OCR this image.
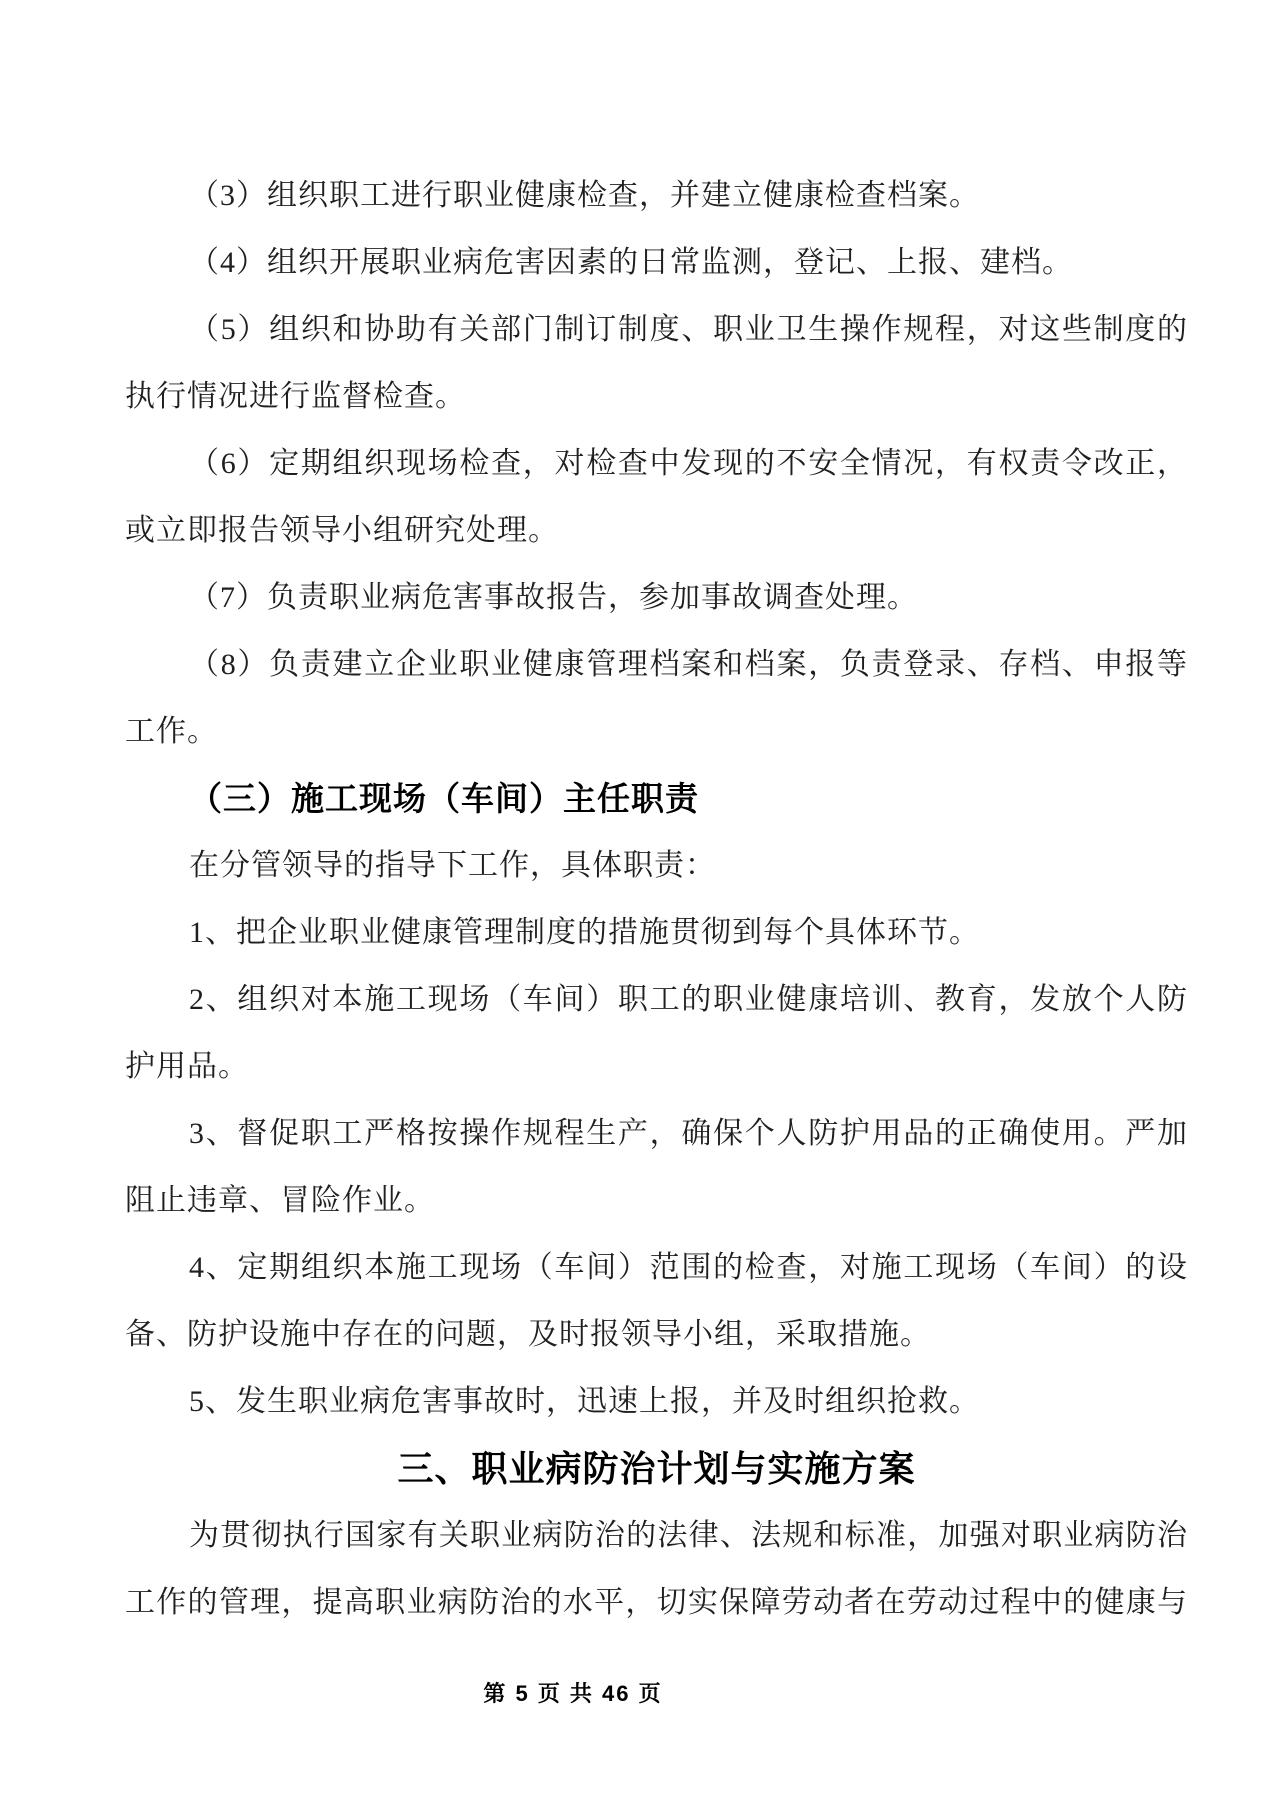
（3）组织职工进行职业健康检查，并建立健康检查档案。
（4）组织开展职业病危害因素的日常监测，登记、上报、建档。
（5）组织和协助有关部门制订制度、职业卫生操作规程，对这些制度的
执行情况进行监督检查。
（6）定期组织现场检查，对检查中发现的不安全情况，有权责令改正，
或立即报告领导小组研究处理。
（7）负责职业病危害事故报告，参加事故调查处理。
（8）负责建立企业职业健康管理档案和档案，负责登录、存档、申报等
工作。
（三）施工现场（车间）主任职责
在分管领导的指导下工作，具体职责：
1、把企业职业健康管理制度的措施贯彻到每个具体环节。
2、组织对本施工现场（车间）职工的职业健康培训、教育，发放个人防
护用品。
3、督促职工严格按操作规程生产，确保个人防护用品的正确使用。严加
阻止违章、冒险作业。
4、定期组织本施工现场（车间）范围的检查，对施工现场（车间）的设
备、防护设施中存在的问题，及时报领导小组，采取措施。
5、发生职业病危害事故时，迅速上报，并及时组织抢救。
三、职业病防治计划与实施方案
为贯彻执行国家有关职业病防治的法律、法规和标准，加强对职业病防治
工作的管理，提高职业病防治的水平，切实保障劳动者在劳动过程中的健康与
第 5 页 共 46 页
